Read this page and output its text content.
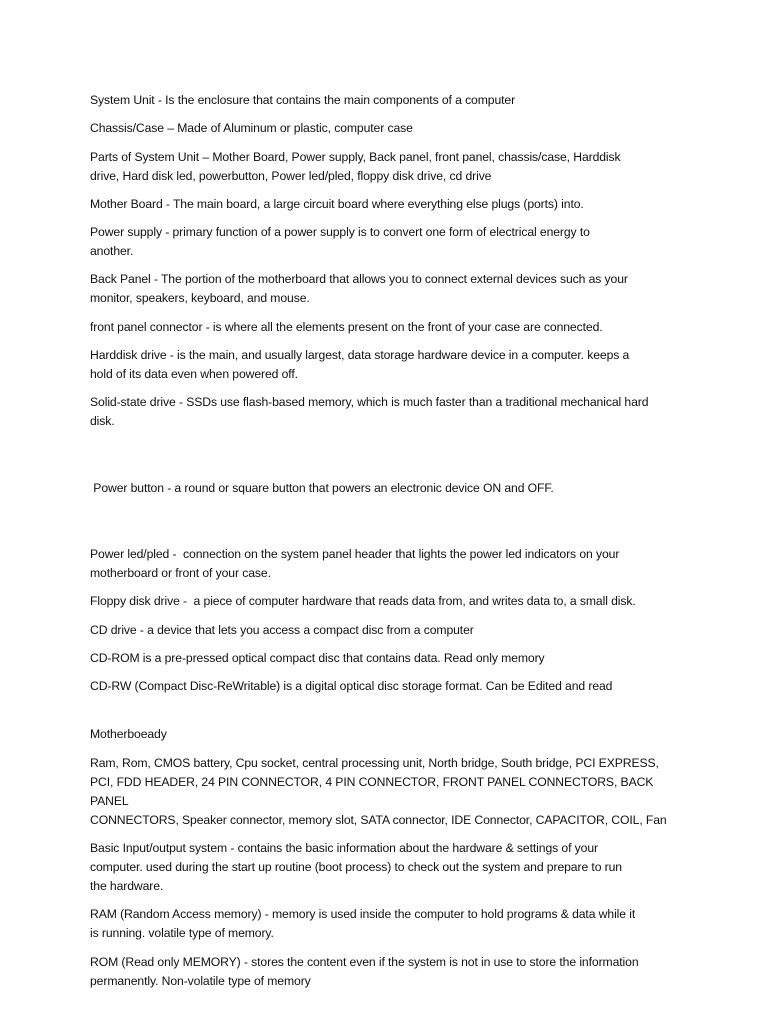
System Unit - Is the enclosure that contains the main components of a computer

Chassis/Case – Made of Aluminum or plastic, computer case

Parts of System Unit – Mother Board, Power supply, Back panel, front panel, chassis/case, Harddisk
drive, Hard disk led, powerbutton, Power led/pled, floppy disk drive, cd drive

Mother Board - The main board, a large circuit board where everything else plugs (ports) into.

Power supply - primary function of a power supply is to convert one form of electrical energy to
another.

Back Panel - The portion of the motherboard that allows you to connect external devices such as your
monitor, speakers, keyboard, and mouse.

front panel connector - is where all the elements present on the front of your case are connected.

Harddisk drive - is the main, and usually largest, data storage hardware device in a computer. keeps a
hold of its data even when powered off.

Solid-state drive - SSDs use flash-based memory, which is much faster than a traditional mechanical hard
disk.

Power button - a round or square button that powers an electronic device ON and OFF.

Power led/pled -  connection on the system panel header that lights the power led indicators on your
motherboard or front of your case.

Floppy disk drive -  a piece of computer hardware that reads data from, and writes data to, a small disk.

CD drive - a device that lets you access a compact disc from a computer

CD-ROM is a pre-pressed optical compact disc that contains data. Read only memory

CD-RW (Compact Disc-ReWritable) is a digital optical disc storage format. Can be Edited and read

Motherboeady

Ram, Rom, CMOS battery, Cpu socket, central processing unit, North bridge, South bridge, PCI EXPRESS,
PCI, FDD HEADER, 24 PIN CONNECTOR, 4 PIN CONNECTOR, FRONT PANEL CONNECTORS, BACK PANEL
CONNECTORS, Speaker connector, memory slot, SATA connector, IDE Connector, CAPACITOR, COIL, Fan

Basic Input/output system - contains the basic information about the hardware & settings of your
computer. used during the start up routine (boot process) to check out the system and prepare to run
the hardware.

RAM (Random Access memory) - memory is used inside the computer to hold programs & data while it
is running. volatile type of memory.

ROM (Read only MEMORY) - stores the content even if the system is not in use to store the information
permanently. Non-volatile type of memory
